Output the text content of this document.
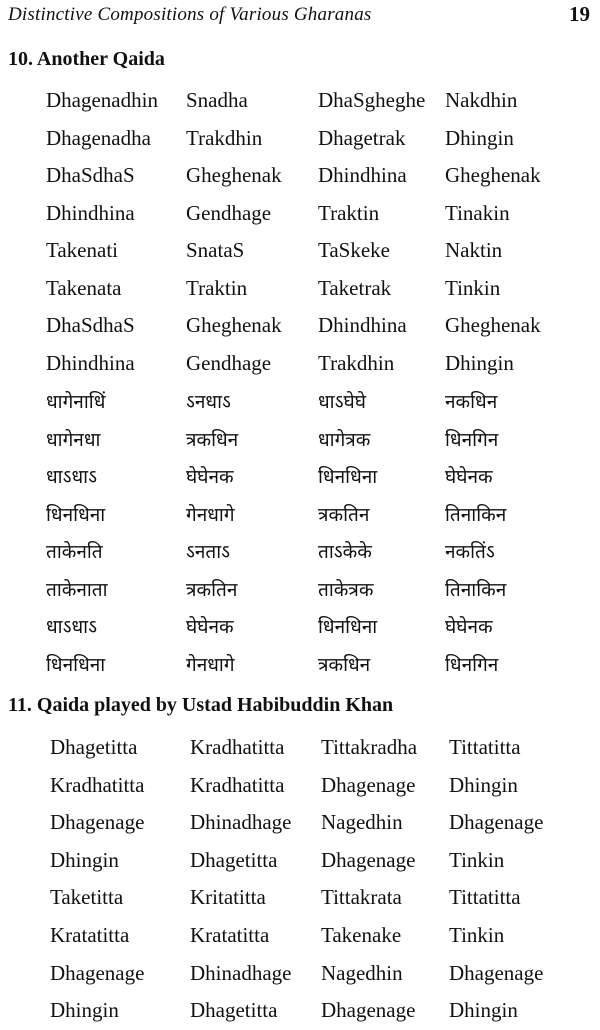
Distinctive Compositions of Various Gharanas	19
10. Another Qaida
Dhagenadhin Snadha	DhaSgheghe Nakdhin
Dhagenadha Trakdhin	Dhagetrak Dhingin
DhaSdhaS Gheghenak Dhindhina Gheghenak
Dhindhina Gendhage Traktin	Tinakin
Takenati	SnataS	TaSkeke	Naktin
Takenata	Traktin	Taketrak	Tinkin
DhaSdhaS Gheghenak Dhindhina Gheghenak
Dhindhina Gendhage Trakdhin Dhingin
धागेनाधिं	ऽनधाऽ	धाऽघेघे	नकधिन
धागेनधा	त्रकधिन	धागेत्रक	धिनगिन
धाऽधाऽ	घेघेनक	धिनधिना	घेघेनक
धिनधिना	गेनधागे	त्रकतिन	तिनाकिन
ताकेनति	ऽनताऽ	ताऽकेके	नकतिंऽ
ताकेनाता	त्रकतिन	ताकेत्रक	तिनाकिन
धाऽधाऽ	घेघेनक	धिनधिना	घेघेनक
धिनधिना	गेनधागे	त्रकधिन	धिनगिन
11. Qaida played by Ustad Habibuddin Khan
Dhagetitta	Kradhatitta Tittakradha Tittatitta
Kradhatitta Kradhatitta Dhagenage Dhingin
Dhagenage Dhinadhage Nagedhin Dhagenage
Dhingin	Dhagetitta Dhagenage Tinkin
Taketitta	Kritatitta	Tittakrata Tittatitta
Kratatitta	Kratatitta Takenake Tinkin
Dhagenage Dhinadhage Nagedhin Dhagenage
Dhingin	Dhagetitta Dhagenage Dhingin
